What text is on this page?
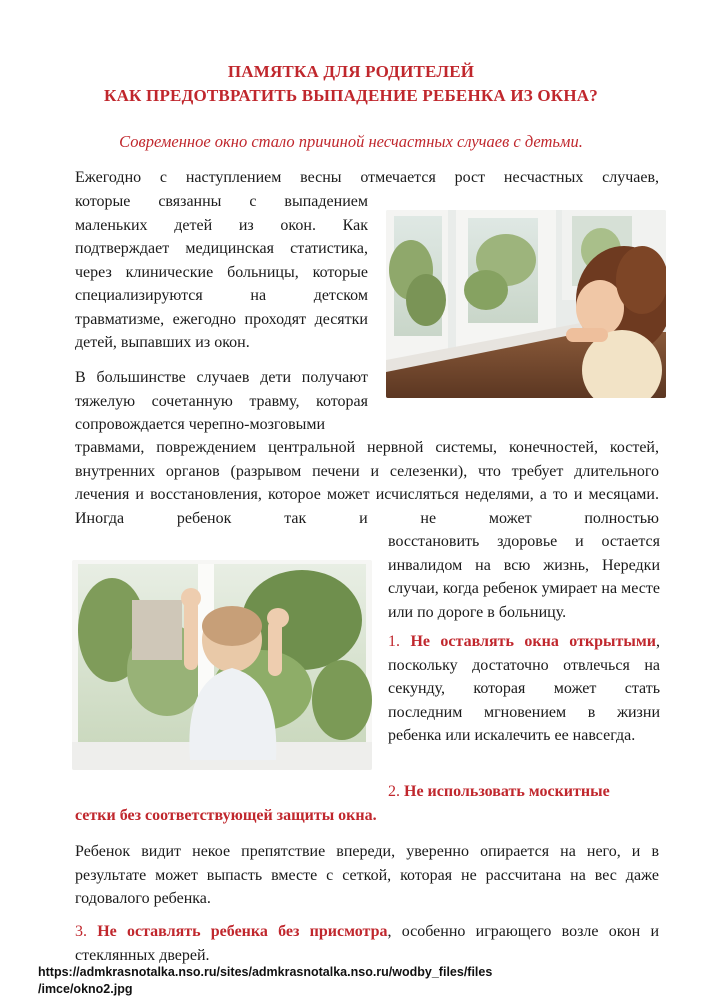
ПАМЯТКА ДЛЯ РОДИТЕЛЕЙ
КАК ПРЕДОТВРАТИТЬ ВЫПАДЕНИЕ РЕБЕНКА ИЗ ОКНА?
Современное окно стало причиной несчастных случаев с детьми.
Ежегодно с наступлением весны отмечается рост несчастных случаев,
которые связанны с выпадением маленьких детей из окон. Как подтверждает медицинская статистика, через клинические больницы, которые специализируются на детском травматизме, ежегодно проходят десятки детей, выпавших из окон.
В большинстве случаев дети получают тяжелую сочетанную травму, которая сопровождается черепно-мозговыми
травмами, повреждением центральной нервной системы, конечностей, костей, внутренних органов (разрывом печени и селезенки), что требует длительного лечения и восстановления, которое может исчисляться неделями, а то и месяцами. Иногда ребенок так и не может полностью
восстановить здоровье и остается инвалидом на всю жизнь, Нередки случаи, когда ребенок умирает на месте или по дороге в больницу.
1. Не оставлять окна открытыми, поскольку достаточно отвлечься на секунду, которая может стать последним мгновением в жизни ребенка или искалечить ее навсегда.
2. Не использовать москитные
сетки без соответствующей защиты окна.
Ребенок видит некое препятствие впереди, уверенно опирается на него, и в результате может выпасть вместе с сеткой, которая не рассчитана на вес даже годовалого ребенка.
3. Не оставлять ребенка без присмотра, особенно играющего возле окон и стеклянных дверей.
https://admkrasnotalka.nso.ru/sites/admkrasnotalka.nso.ru/wodby_files/files
/imce/okno2.jpg
